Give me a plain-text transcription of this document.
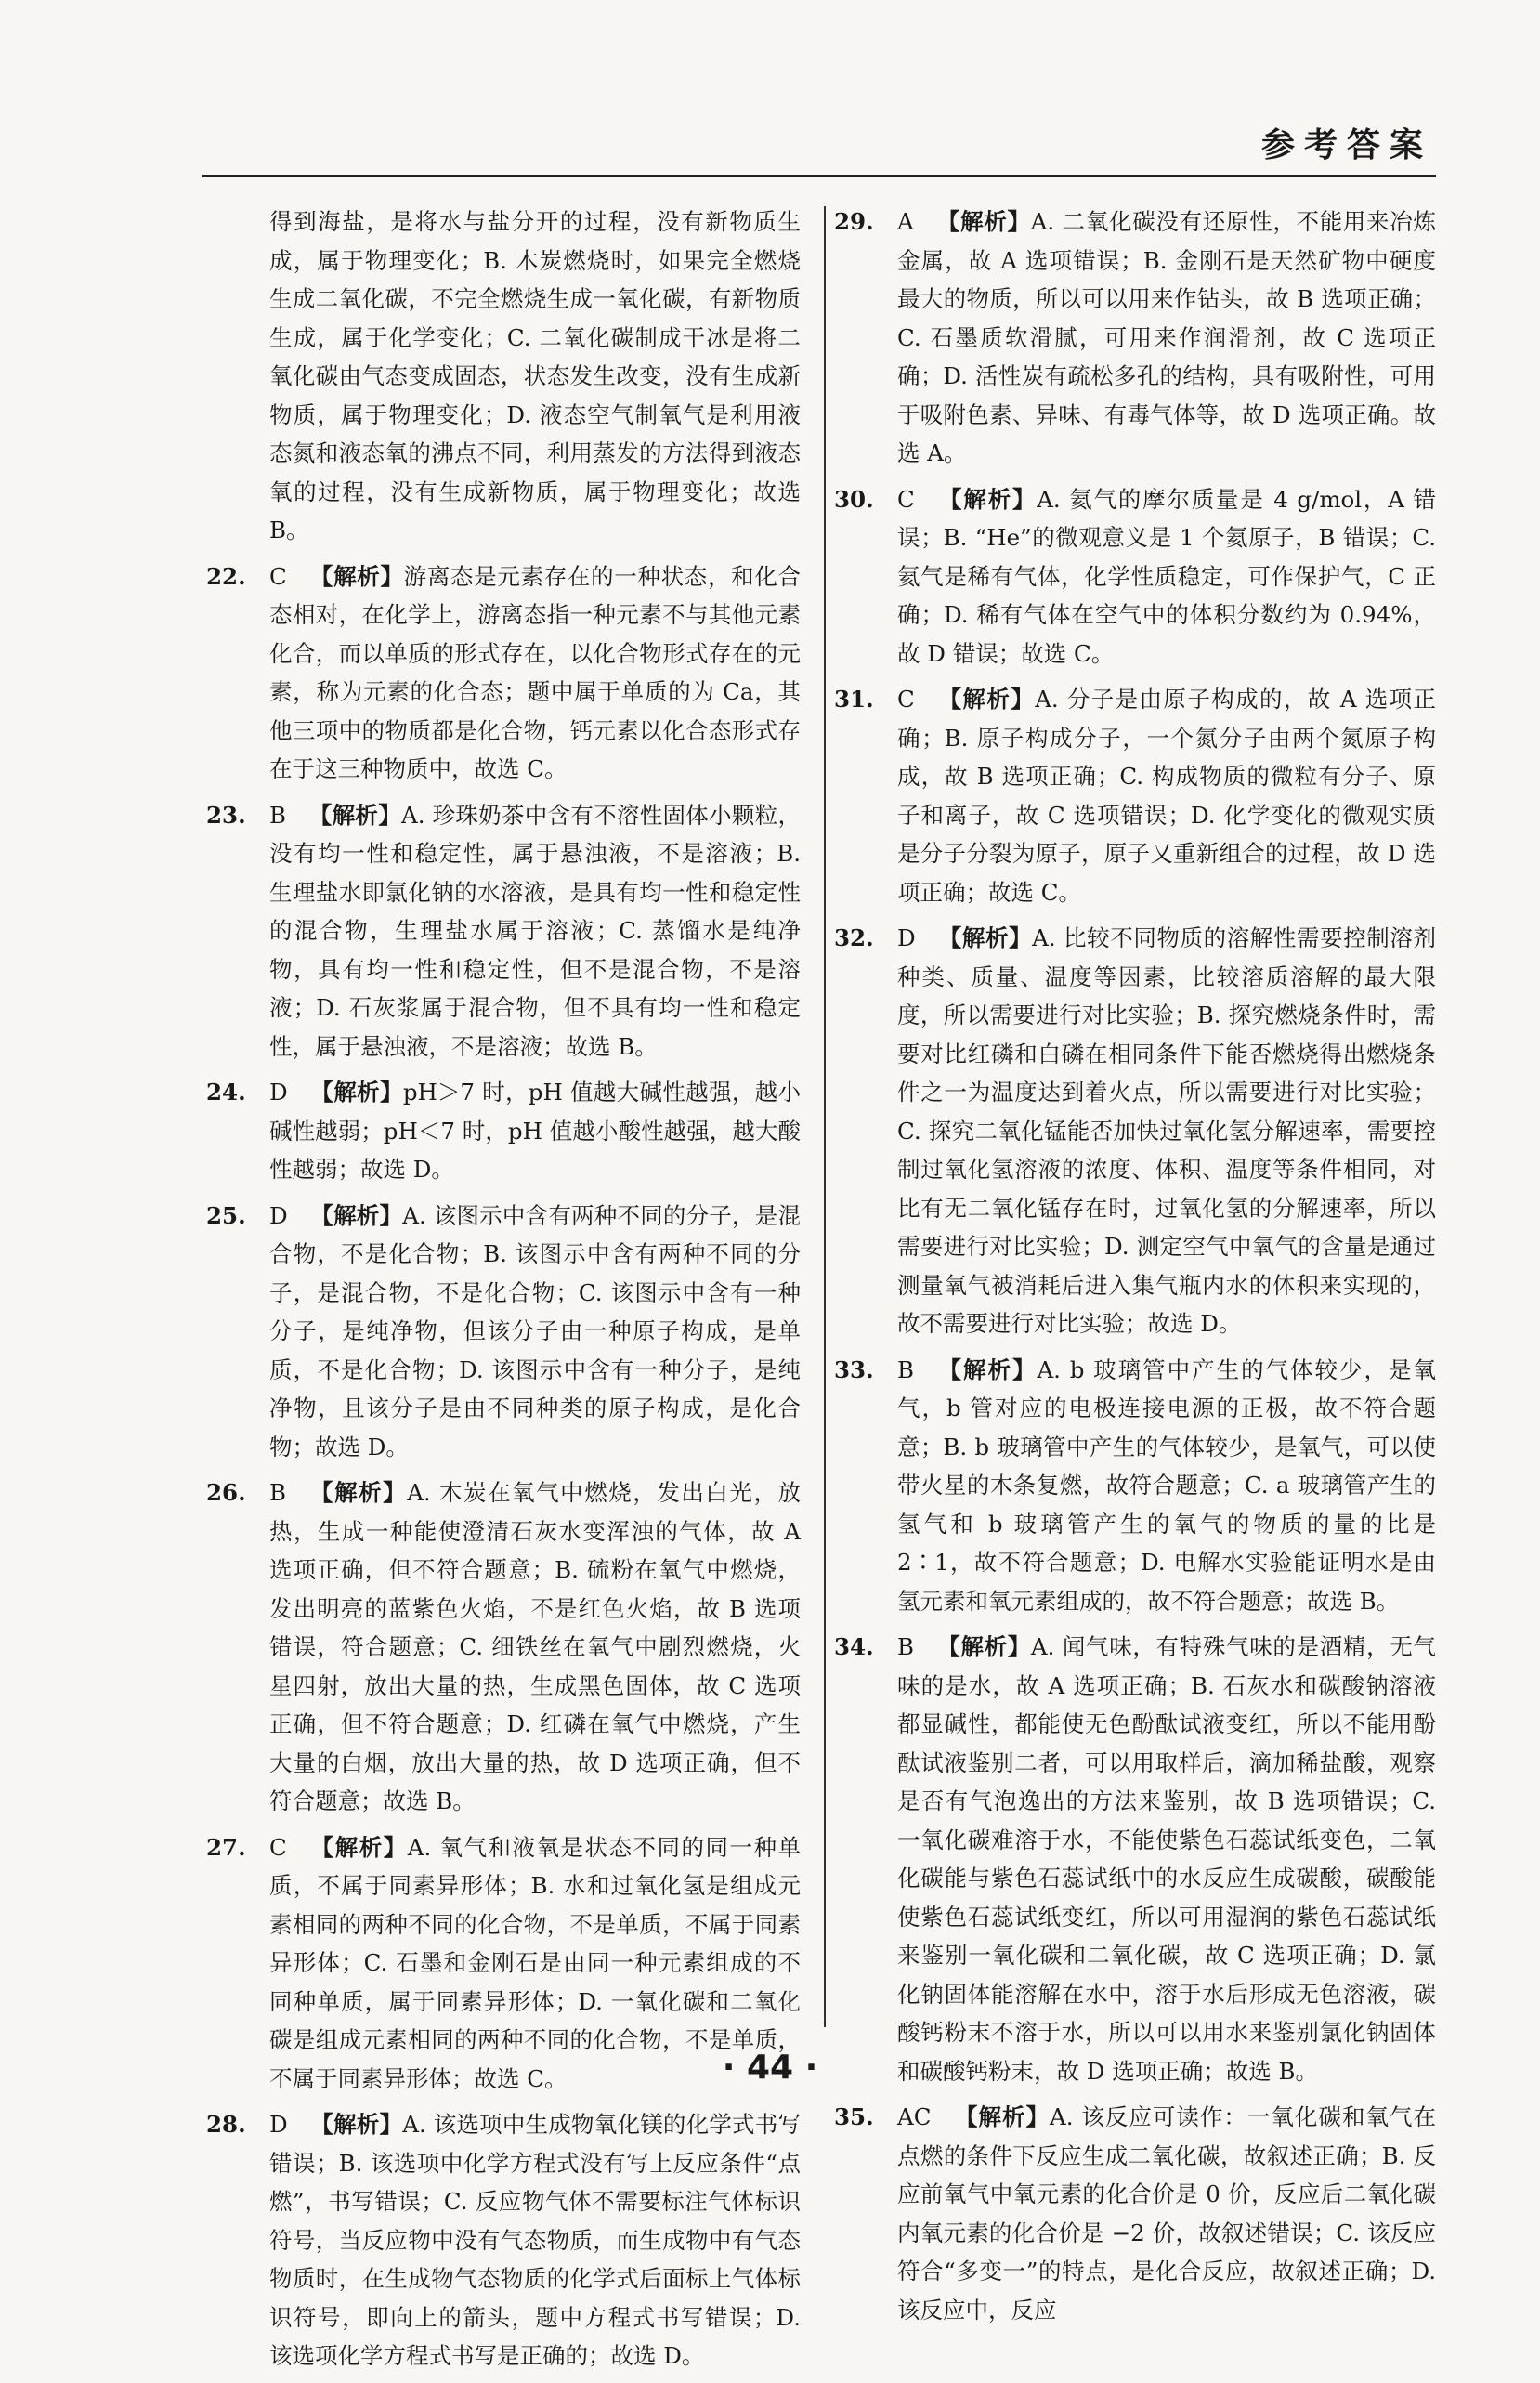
参考答案
得到海盐，是将水与盐分开的过程，没有新物质生成，属于物理变化；B. 木炭燃烧时，如果完全燃烧生成二氧化碳，不完全燃烧生成一氧化碳，有新物质生成，属于化学变化；C. 二氧化碳制成干冰是将二氧化碳由气态变成固态，状态发生改变，没有生成新物质，属于物理变化；D. 液态空气制氧气是利用液态氮和液态氧的沸点不同，利用蒸发的方法得到液态氧的过程，没有生成新物质，属于物理变化；故选 B。
22. C  【解析】游离态是元素存在的一种状态，和化合态相对，在化学上，游离态指一种元素不与其他元素化合，而以单质的形式存在，以化合物形式存在的元素，称为元素的化合态；题中属于单质的为 Ca，其他三项中的物质都是化合物，钙元素以化合态形式存在于这三种物质中，故选 C。
23. B  【解析】A. 珍珠奶茶中含有不溶性固体小颗粒，没有均一性和稳定性，属于悬浊液，不是溶液；B. 生理盐水即氯化钠的水溶液，是具有均一性和稳定性的混合物，生理盐水属于溶液；C. 蒸馏水是纯净物，具有均一性和稳定性，但不是混合物，不是溶液；D. 石灰浆属于混合物，但不具有均一性和稳定性，属于悬浊液，不是溶液；故选 B。
24. D  【解析】pH＞7 时，pH 值越大碱性越强，越小碱性越弱；pH＜7 时，pH 值越小酸性越强，越大酸性越弱；故选 D。
25. D  【解析】A. 该图示中含有两种不同的分子，是混合物，不是化合物；B. 该图示中含有两种不同的分子，是混合物，不是化合物；C. 该图示中含有一种分子，是纯净物，但该分子由一种原子构成，是单质，不是化合物；D. 该图示中含有一种分子，是纯净物，且该分子是由不同种类的原子构成，是化合物；故选 D。
26. B  【解析】A. 木炭在氧气中燃烧，发出白光，放热，生成一种能使澄清石灰水变浑浊的气体，故 A 选项正确，但不符合题意；B. 硫粉在氧气中燃烧，发出明亮的蓝紫色火焰，不是红色火焰，故 B 选项错误，符合题意；C. 细铁丝在氧气中剧烈燃烧，火星四射，放出大量的热，生成黑色固体，故 C 选项正确，但不符合题意；D. 红磷在氧气中燃烧，产生大量的白烟，放出大量的热，故 D 选项正确，但不符合题意；故选 B。
27. C  【解析】A. 氧气和液氧是状态不同的同一种单质，不属于同素异形体；B. 水和过氧化氢是组成元素相同的两种不同的化合物，不是单质，不属于同素异形体；C. 石墨和金刚石是由同一种元素组成的不同种单质，属于同素异形体；D. 一氧化碳和二氧化碳是组成元素相同的两种不同的化合物，不是单质，不属于同素异形体；故选 C。
28. D  【解析】A. 该选项中生成物氧化镁的化学式书写错误；B. 该选项中化学方程式没有写上反应条件“点燃”，书写错误；C. 反应物气体不需要标注气体标识符号，当反应物中没有气态物质，而生成物中有气态物质时，在生成物气态物质的化学式后面标上气体标识符号，即向上的箭头，题中方程式书写错误；D. 该选项化学方程式书写是正确的；故选 D。
29. A  【解析】A. 二氧化碳没有还原性，不能用来冶炼金属，故 A 选项错误；B. 金刚石是天然矿物中硬度最大的物质，所以可以用来作钻头，故 B 选项正确；C. 石墨质软滑腻，可用来作润滑剂，故 C 选项正确；D. 活性炭有疏松多孔的结构，具有吸附性，可用于吸附色素、异味、有毒气体等，故 D 选项正确。故选 A。
30. C  【解析】A. 氦气的摩尔质量是 4 g/mol，A 错误；B. “He”的微观意义是 1 个氦原子，B 错误；C. 氦气是稀有气体，化学性质稳定，可作保护气，C 正确；D. 稀有气体在空气中的体积分数约为 0.94%，故 D 错误；故选 C。
31. C  【解析】A. 分子是由原子构成的，故 A 选项正确；B. 原子构成分子，一个氮分子由两个氮原子构成，故 B 选项正确；C. 构成物质的微粒有分子、原子和离子，故 C 选项错误；D. 化学变化的微观实质是分子分裂为原子，原子又重新组合的过程，故 D 选项正确；故选 C。
32. D  【解析】A. 比较不同物质的溶解性需要控制溶剂种类、质量、温度等因素，比较溶质溶解的最大限度，所以需要进行对比实验；B. 探究燃烧条件时，需要对比红磷和白磷在相同条件下能否燃烧得出燃烧条件之一为温度达到着火点，所以需要进行对比实验；C. 探究二氧化锰能否加快过氧化氢分解速率，需要控制过氧化氢溶液的浓度、体积、温度等条件相同，对比有无二氧化锰存在时，过氧化氢的分解速率，所以需要进行对比实验；D. 测定空气中氧气的含量是通过测量氧气被消耗后进入集气瓶内水的体积来实现的，故不需要进行对比实验；故选 D。
33. B  【解析】A. b 玻璃管中产生的气体较少，是氧气，b 管对应的电极连接电源的正极，故不符合题意；B. b 玻璃管中产生的气体较少，是氧气，可以使带火星的木条复燃，故符合题意；C. a 玻璃管产生的氢气和 b 玻璃管产生的氧气的物质的量的比是 2∶1，故不符合题意；D. 电解水实验能证明水是由氢元素和氧元素组成的，故不符合题意；故选 B。
34. B  【解析】A. 闻气味，有特殊气味的是酒精，无气味的是水，故 A 选项正确；B. 石灰水和碳酸钠溶液都显碱性，都能使无色酚酞试液变红，所以不能用酚酞试液鉴别二者，可以用取样后，滴加稀盐酸，观察是否有气泡逸出的方法来鉴别，故 B 选项错误；C. 一氧化碳难溶于水，不能使紫色石蕊试纸变色，二氧化碳能与紫色石蕊试纸中的水反应生成碳酸，碳酸能使紫色石蕊试纸变红，所以可用湿润的紫色石蕊试纸来鉴别一氧化碳和二氧化碳，故 C 选项正确；D. 氯化钠固体能溶解在水中，溶于水后形成无色溶液，碳酸钙粉末不溶于水，所以可以用水来鉴别氯化钠固体和碳酸钙粉末，故 D 选项正确；故选 B。
35. AC  【解析】A. 该反应可读作：一氧化碳和氧气在点燃的条件下反应生成二氧化碳，故叙述正确；B. 反应前氧气中氧元素的化合价是 0 价，反应后二氧化碳内氧元素的化合价是 −2 价，故叙述错误；C. 该反应符合“多变一”的特点，是化合反应，故叙述正确；D. 该反应中，反应
· 44 ·
